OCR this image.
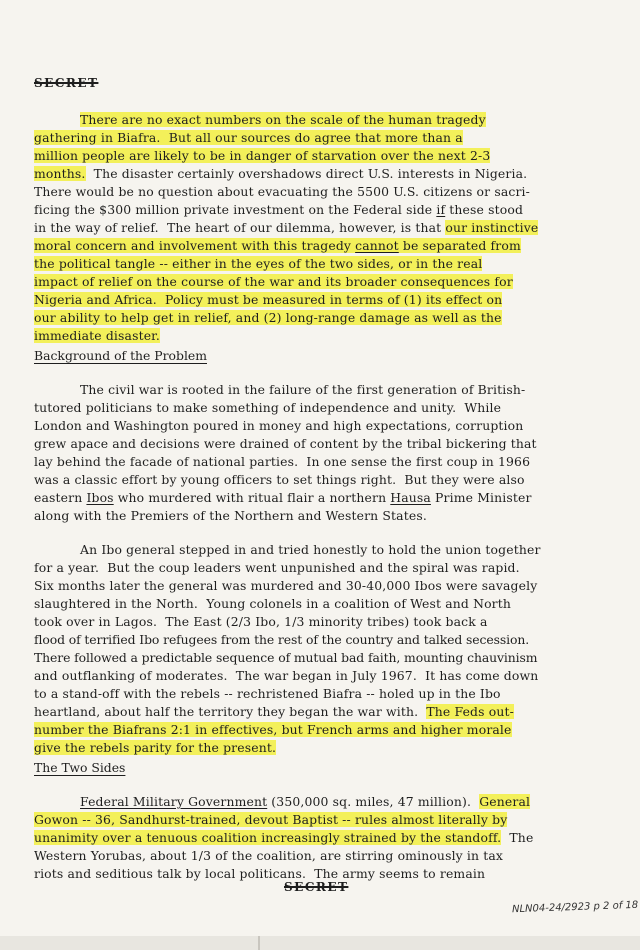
SECRET
There are no exact numbers on the scale of the human tragedy
gathering in Biafra.  But all our sources do agree that more than a
million people are likely to be in danger of starvation over the next 2-3
months.  The disaster certainly overshadows direct U.S. interests in Nigeria.
There would be no question about evacuating the 5500 U.S. citizens or sacri-
ficing the $300 million private investment on the Federal side if these stood
in the way of relief.  The heart of our dilemma, however, is that our instinctive
moral concern and involvement with this tragedy cannot be separated from
the political tangle -- either in the eyes of the two sides, or in the real
impact of relief on the course of the war and its broader consequences for
Nigeria and Africa.  Policy must be measured in terms of (1) its effect on
our ability to help get in relief, and (2) long-range damage as well as the
immediate disaster.
Background of the Problem
The civil war is rooted in the failure of the first generation of British-
tutored politicians to make something of independence and unity.  While
London and Washington poured in money and high expectations, corruption
grew apace and decisions were drained of content by the tribal bickering that
lay behind the facade of national parties.  In one sense the first coup in 1966
was a classic effort by young officers to set things right.  But they were also
eastern Ibos who murdered with ritual flair a northern Hausa Prime Minister
along with the Premiers of the Northern and Western States.
An Ibo general stepped in and tried honestly to hold the union together
for a year.  But the coup leaders went unpunished and the spiral was rapid.
Six months later the general was murdered and 30-40,000 Ibos were savagely
slaughtered in the North.  Young colonels in a coalition of West and North
took over in Lagos.  The East (2/3 Ibo, 1/3 minority tribes) took back a
flood of terrified Ibo refugees from the rest of the country and talked secession.
There followed a predictable sequence of mutual bad faith, mounting chauvinism
and outflanking of moderates.  The war began in July 1967.  It has come down
to a stand-off with the rebels -- rechristened Biafra -- holed up in the Ibo
heartland, about half the territory they began the war with.  The Feds out-
number the Biafrans 2:1 in effectives, but French arms and higher morale
give the rebels parity for the present.
The Two Sides
Federal Military Government (350,000 sq. miles, 47 million).  General
Gowon -- 36, Sandhurst-trained, devout Baptist -- rules almost literally by
unanimity over a tenuous coalition increasingly strained by the standoff.  The
Western Yorubas, about 1/3 of the coalition, are stirring ominously in tax
riots and seditious talk by local politicans.  The army seems to remain
SECRET
NLN04-24/2923 p 2 of 18
